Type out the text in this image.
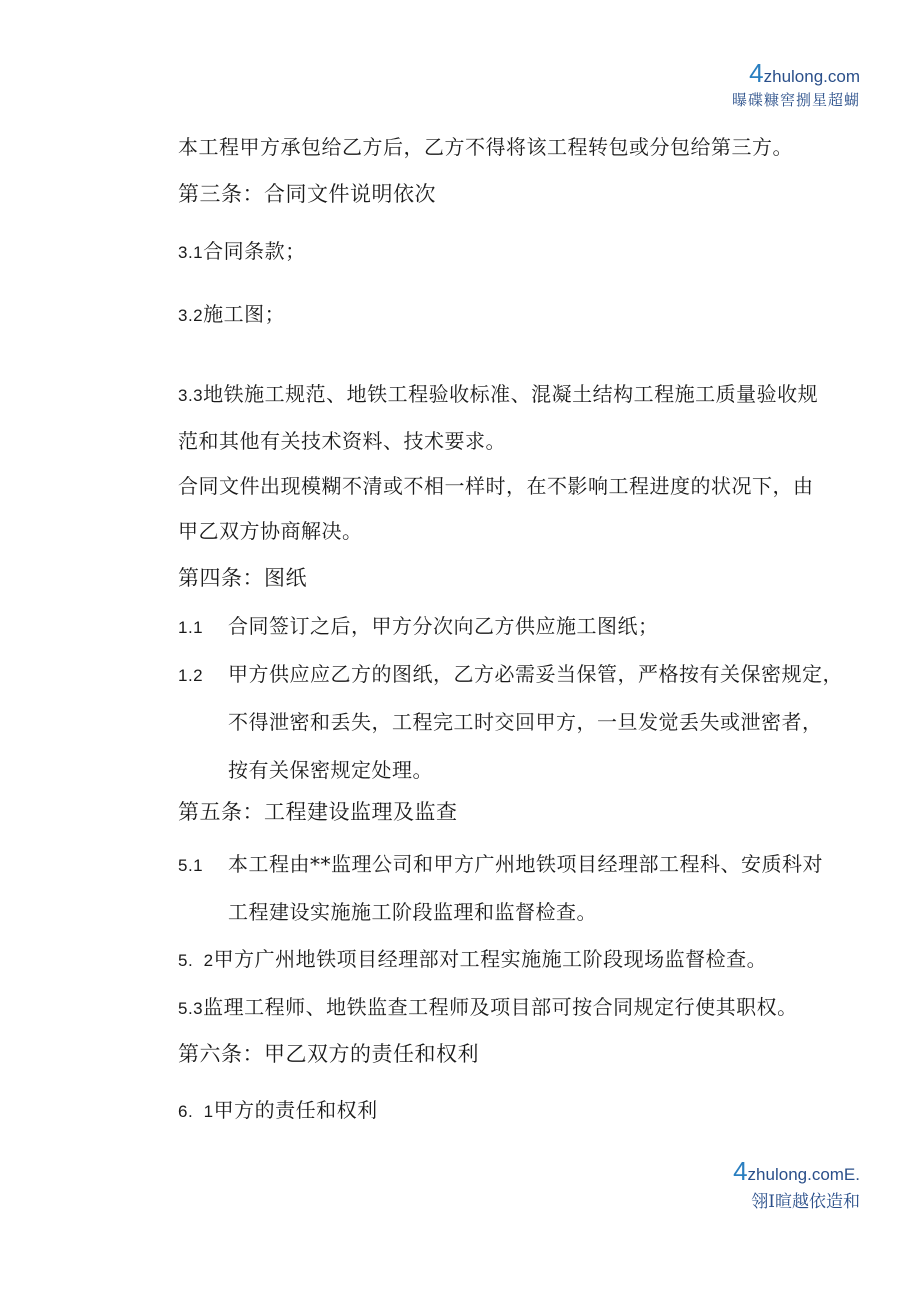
4zhulong.com
曝碟糠窖捌星超蝴
本工程甲方承包给乙方后，乙方不得将该工程转包或分包给第三方。
第三条：合同文件说明依次
3.1合同条款；
3.2施工图；
3.3地铁施工规范、地铁工程验收标准、混凝土结构工程施工质量验收规
范和其他有关技术资料、技术要求。
合同文件出现模糊不清或不相一样时，在不影响工程进度的状况下，由
甲乙双方协商解决。
第四条：图纸
1.1 合同签订之后，甲方分次向乙方供应施工图纸；
1.2 甲方供应应乙方的图纸，乙方必需妥当保管，严格按有关保密规定，
不得泄密和丢失，工程完工时交回甲方，一旦发觉丢失或泄密者，
按有关保密规定处理。
第五条：工程建设监理及监查
5.1 本工程由**监理公司和甲方广州地铁项目经理部工程科、安质科对
工程建设实施施工阶段监理和监督检查。
5.  2甲方广州地铁项目经理部对工程实施施工阶段现场监督检查。
5.3监理工程师、地铁监查工程师及项目部可按合同规定行使其职权。
第六条：甲乙双方的责任和权利
6.  1甲方的责任和权利
4zhulong.comE.
翎I暄越依造和
